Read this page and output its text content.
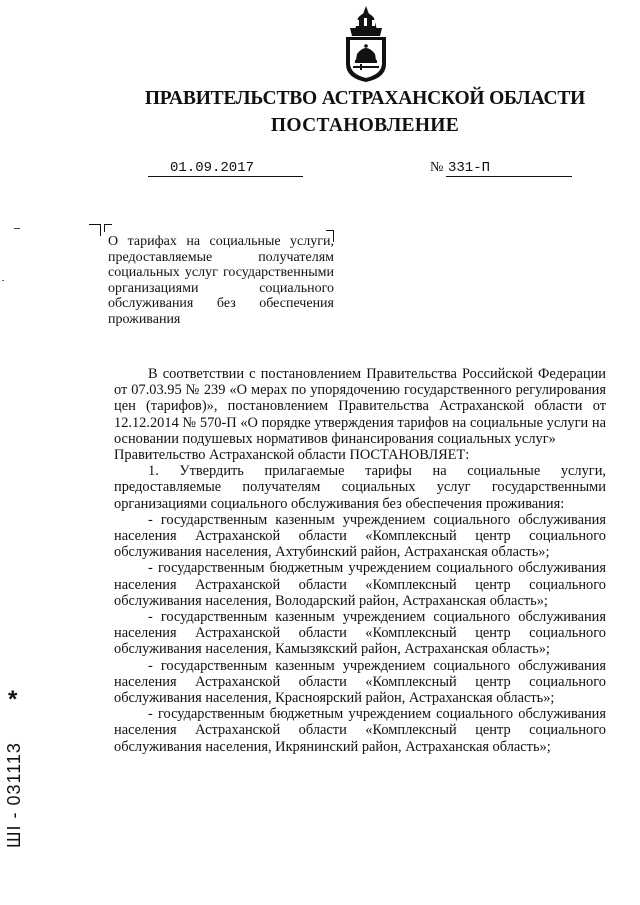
ПРАВИТЕЛЬСТВО АСТРАХАНСКОЙ ОБЛАСТИ
ПОСТАНОВЛЕНИЕ
01.09.2017	№ 331-П
О тарифах на социальные услуги, предоставляемые получателям социальных услуг государственными организациями социального обслуживания без обеспечения проживания

В соответствии с постановлением Правительства Российской Федерации от 07.03.95 № 239 «О мерах по упорядочению государственного регулирования цен (тарифов)», постановлением Правительства Астраханской области от 12.12.2014 № 570-П «О порядке утверждения тарифов на социальные услуги на основании подушевых нормативов финансирования социальных услуг»

Правительство Астраханской области ПОСТАНОВЛЯЕТ:

1. Утвердить прилагаемые тарифы на социальные услуги, предоставляемые получателям социальных услуг государственными организациями социального обслуживания без обеспечения проживания:

- государственным казенным учреждением социального обслуживания населения Астраханской области «Комплексный центр социального обслуживания населения, Ахтубинский район, Астраханская область»;

- государственным бюджетным учреждением социального обслуживания населения Астраханской области «Комплексный центр социального обслуживания населения, Володарский район, Астраханская область»;

- государственным казенным учреждением социального обслуживания населения Астраханской области «Комплексный центр социального обслуживания населения, Камызякский район, Астраханская область»;

- государственным казенным учреждением социального обслуживания населения Астраханской области «Комплексный центр социального обслуживания населения, Красноярский район, Астраханская область»;

- государственным бюджетным учреждением социального обслуживания населения Астраханской области «Комплексный центр социального обслуживания населения, Икрянинский район, Астраханская область»;

*
ШI - 031113
